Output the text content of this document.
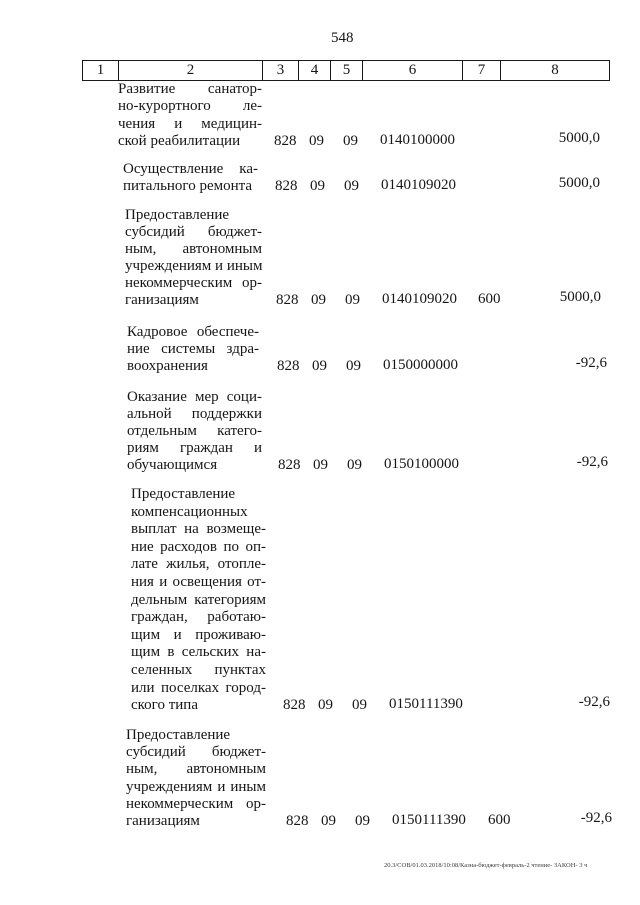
548
1	2	3	4	5	6	7	8
Развитие санатор-
но-курортного ле-
чения и медицин-
ской реабилитации	828 09 09 0140100000	5000,0
Осуществление ка-
питального ремонта	828 09 09 0140109020	5000,0
Предоставление
субсидий бюджет-
ным, автономным
учреждениям и иным
некоммерческим ор-
ганизациям	828 09 09 0140109020 600	5000,0
Кадровое обеспече-
ние системы здра-
воохранения	828 09 09 0150000000	-92,6
Оказание мер соци-
альной поддержки
отдельным катего-
риям граждан и
обучающимся	828 09 09 0150100000	-92,6
Предоставление
компенсационных
выплат на возмеще-
ние расходов по оп-
лате жилья, отопле-
ния и освещения от-
дельным категориям
граждан, работаю-
щим и проживаю-
щим в сельских на-
селенных пунктах
или поселках город-
ского типа	828 09 09 0150111390	-92,6
Предоставление
субсидий бюджет-
ным, автономным
учреждениям и иным
некоммерческим ор-
ганизациям	828 09 09 0150111390 600	-92,6
20.3/СОВ/01.03.2018/10:08/Казна-бюджет-февраль-2 чтение- ЗАКОН- 3 ч
